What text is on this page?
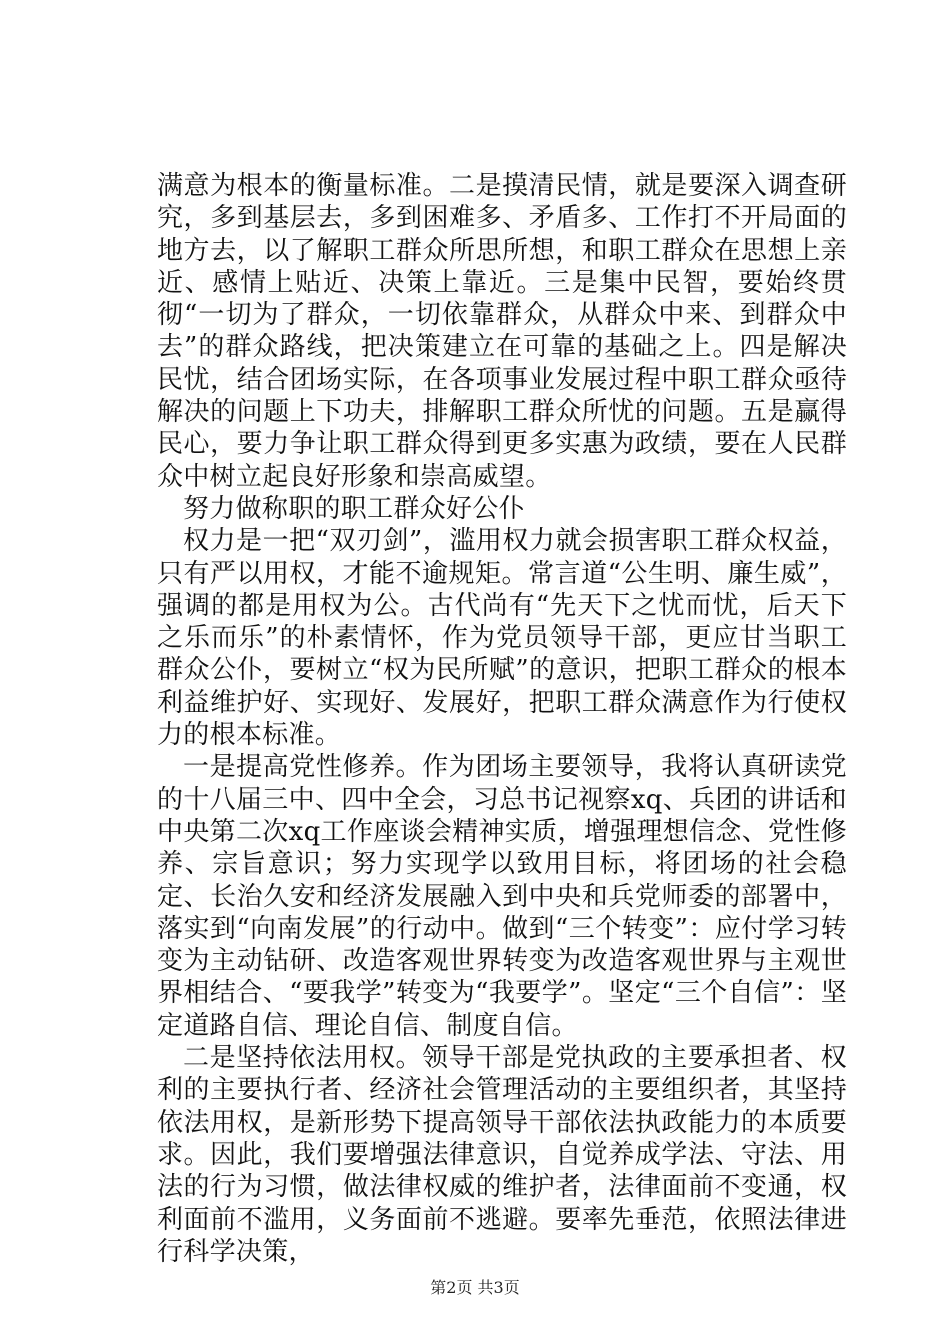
满意为根本的衡量标准。二是摸清民情，就是要深入调查研究，多到基层去，多到困难多、矛盾多、工作打不开局面的地方去，以了解职工群众所思所想，和职工群众在思想上亲近、感情上贴近、决策上靠近。三是集中民智，要始终贯彻“一切为了群众，一切依靠群众，从群众中来、到群众中去”的群众路线，把决策建立在可靠的基础之上。四是解决民忧，结合团场实际，在各项事业发展过程中职工群众亟待解决的问题上下功夫，排解职工群众所忧的问题。五是赢得民心，要力争让职工群众得到更多实惠为政绩，要在人民群众中树立起良好形象和崇高威望。

努力做称职的职工群众好公仆

权力是一把“双刃剑”，滥用权力就会损害职工群众权益，只有严以用权，才能不逾规矩。常言道“公生明、廉生威”，强调的都是用权为公。古代尚有“先天下之忧而忧，后天下之乐而乐”的朴素情怀，作为党员领导干部，更应甘当职工群众公仆，要树立“权为民所赋”的意识，把职工群众的根本利益维护好、实现好、发展好，把职工群众满意作为行使权力的根本标准。

一是提高党性修养。作为团场主要领导，我将认真研读党的十八届三中、四中全会，习总书记视察xq、兵团的讲话和中央第二次xq工作座谈会精神实质，增强理想信念、党性修养、宗旨意识；努力实现学以致用目标，将团场的社会稳定、长治久安和经济发展融入到中央和兵党师委的部署中，落实到“向南发展”的行动中。做到“三个转变”：应付学习转变为主动钻研、改造客观世界转变为改造客观世界与主观世界相结合、“要我学”转变为“我要学”。坚定“三个自信”：坚定道路自信、理论自信、制度自信。

二是坚持依法用权。领导干部是党执政的主要承担者、权利的主要执行者、经济社会管理活动的主要组织者，其坚持依法用权，是新形势下提高领导干部依法执政能力的本质要求。因此，我们要增强法律意识，自觉养成学法、守法、用法的行为习惯，做法律权威的维护者，法律面前不变通，权利面前不滥用，义务面前不逃避。要率先垂范，依照法律进行科学决策，

第2页 共3页
